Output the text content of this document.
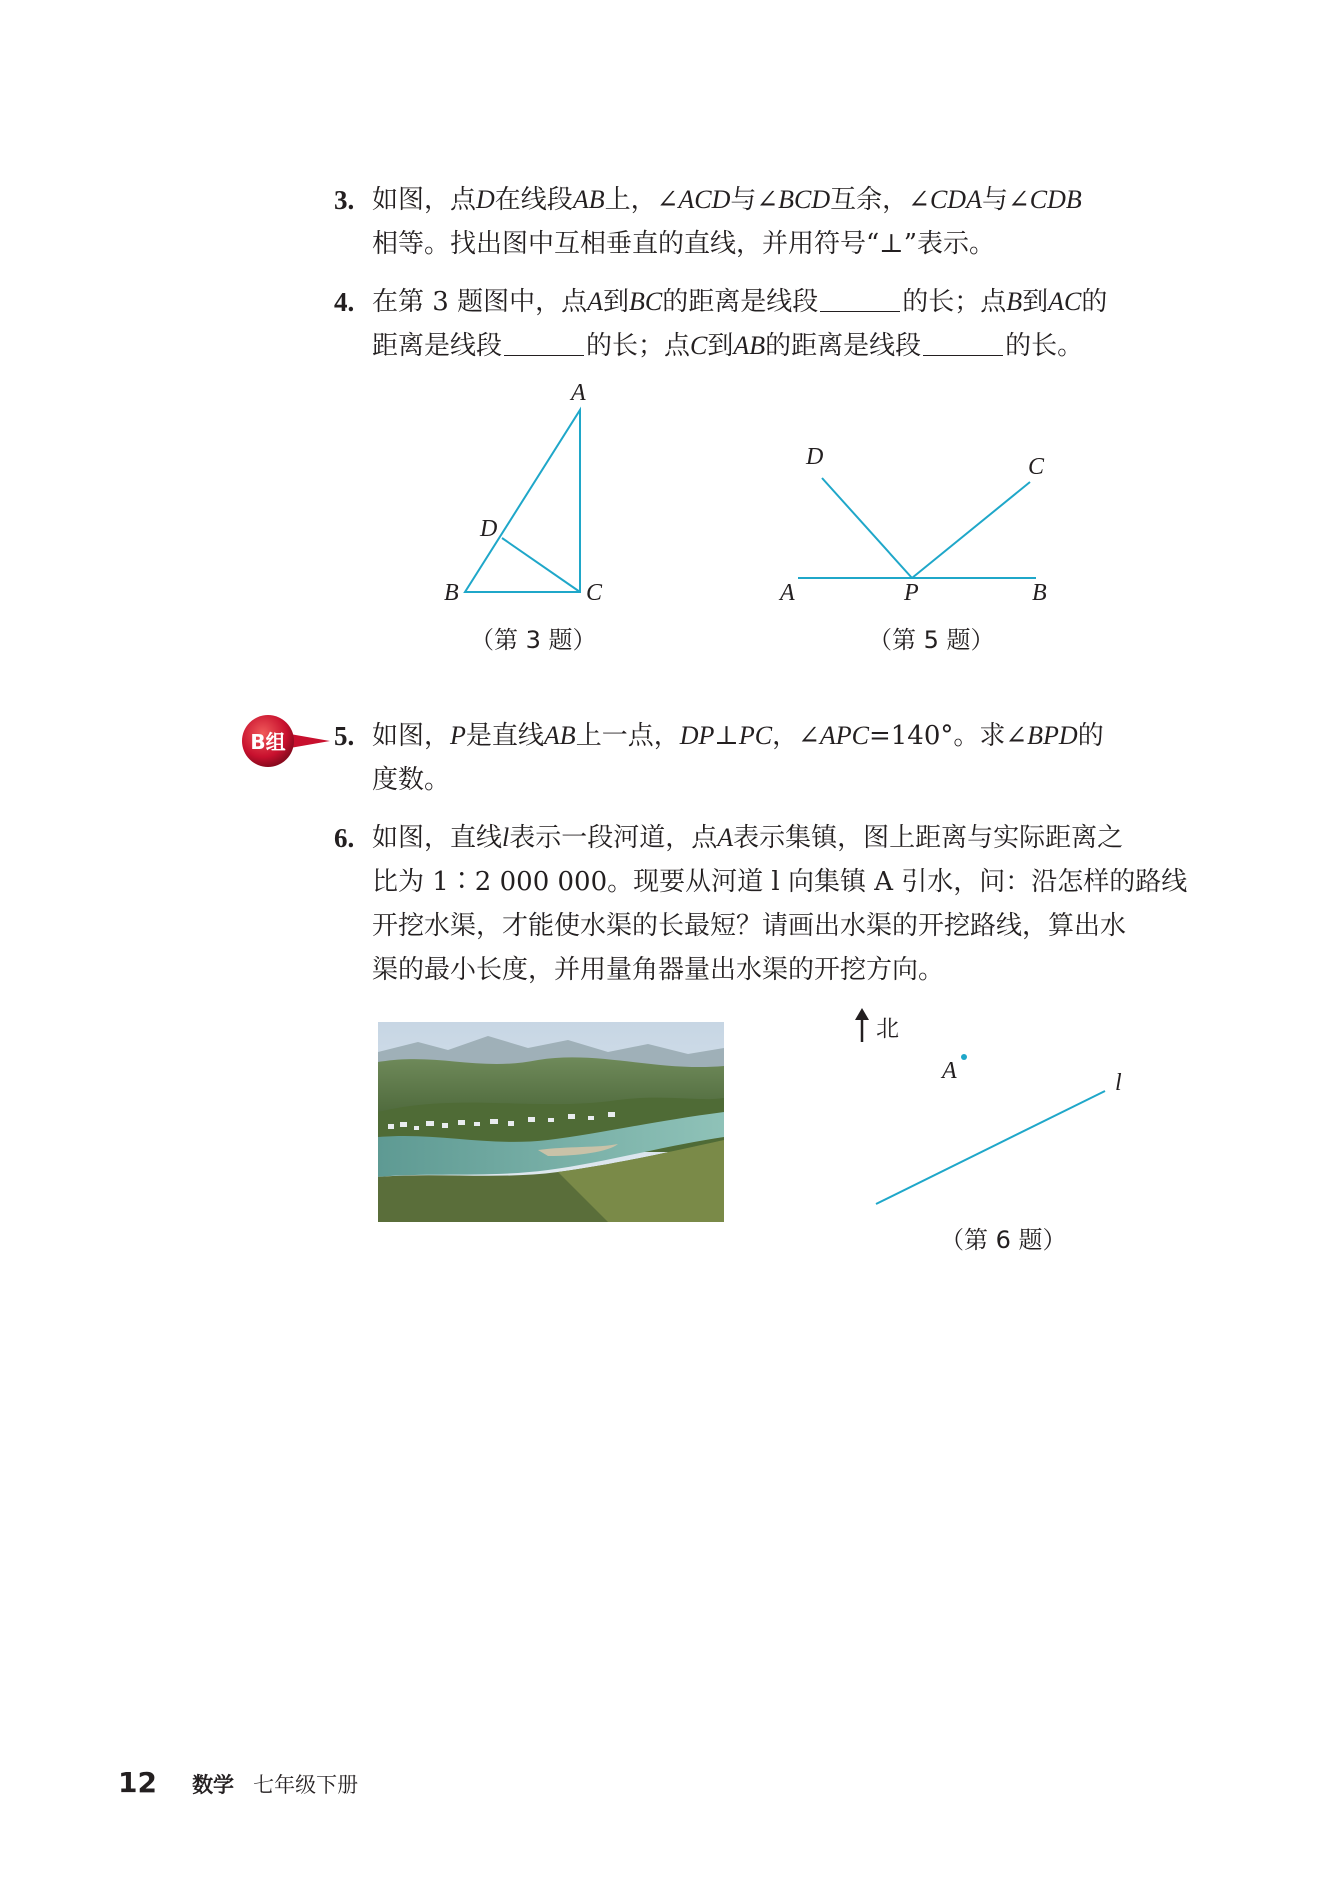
3. 如图，点D在线段AB上，∠ACD与∠BCD互余，∠CDA与∠CDB
相等。找出图中互相垂直的直线，并用符号“⊥”表示。
4. 在第 3 题图中，点A到BC的距离是线段	的长；点B到AC的
距离是线段	的长；点C到AB的距离是线段	的长。
A
B	C
D
（第 3 题）
D	C
A	P	B
（第 5 题）
B组 5. 如图，P是直线AB上一点，DP⊥PC，∠APC=140°。求∠BPD的
度数。
6. 如图，直线l表示一段河道，点A表示集镇，图上距离与实际距离之
比为 1∶2 000 000。现要从河道 l 向集镇 A 引水，问：沿怎样的路线
开挖水渠，才能使水渠的长最短？请画出水渠的开挖路线，算出水
渠的最小长度，并用量角器量出水渠的开挖方向。
北
A	l
（第 6 题）
12 数学 七年级下册
